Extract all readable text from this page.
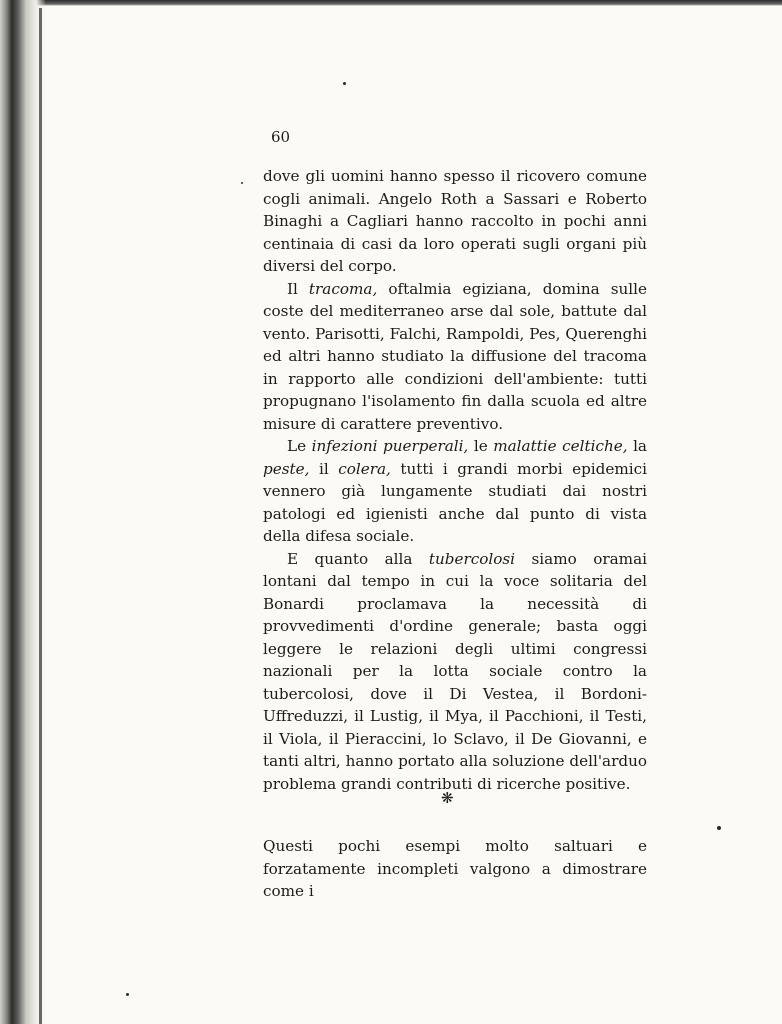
60

dove gli uomini hanno spesso il ricovero comune cogli animali. Angelo Roth a Sassari e Roberto Binaghi a Cagliari hanno raccolto in pochi anni centinaia di casi da loro operati sugli organi più diversi del corpo.

Il tracoma, oftalmia egiziana, domina sulle coste del mediterraneo arse dal sole, battute dal vento. Parisotti, Falchi, Rampoldi, Pes, Querenghi ed altri hanno studiato la diffusione del tracoma in rapporto alle condizioni dell'ambiente: tutti propugnano l'isolamento fin dalla scuola ed altre misure di carattere preventivo.

Le infezioni puerperali, le malattie celtiche, la peste, il colera, tutti i grandi morbi epidemici vennero già lungamente studiati dai nostri patologi ed igienisti anche dal punto di vista della difesa sociale.

E quanto alla tubercolosi siamo oramai lontani dal tempo in cui la voce solitaria del Bonardi proclamava la necessità di provvedimenti d'ordine generale; basta oggi leggere le relazioni degli ultimi congressi nazionali per la lotta sociale contro la tubercolosi, dove il Di Vestea, il Bordoni-Uffreduzzi, il Lustig, il Mya, il Pacchioni, il Testi, il Viola, il Pieraccini, lo Sclavo, il De Giovanni, e tanti altri, hanno portato alla soluzione dell'arduo problema grandi contributi di ricerche positive.

❋

Questi pochi esempi molto saltuari e forzatamente incompleti valgono a dimostrare come i
